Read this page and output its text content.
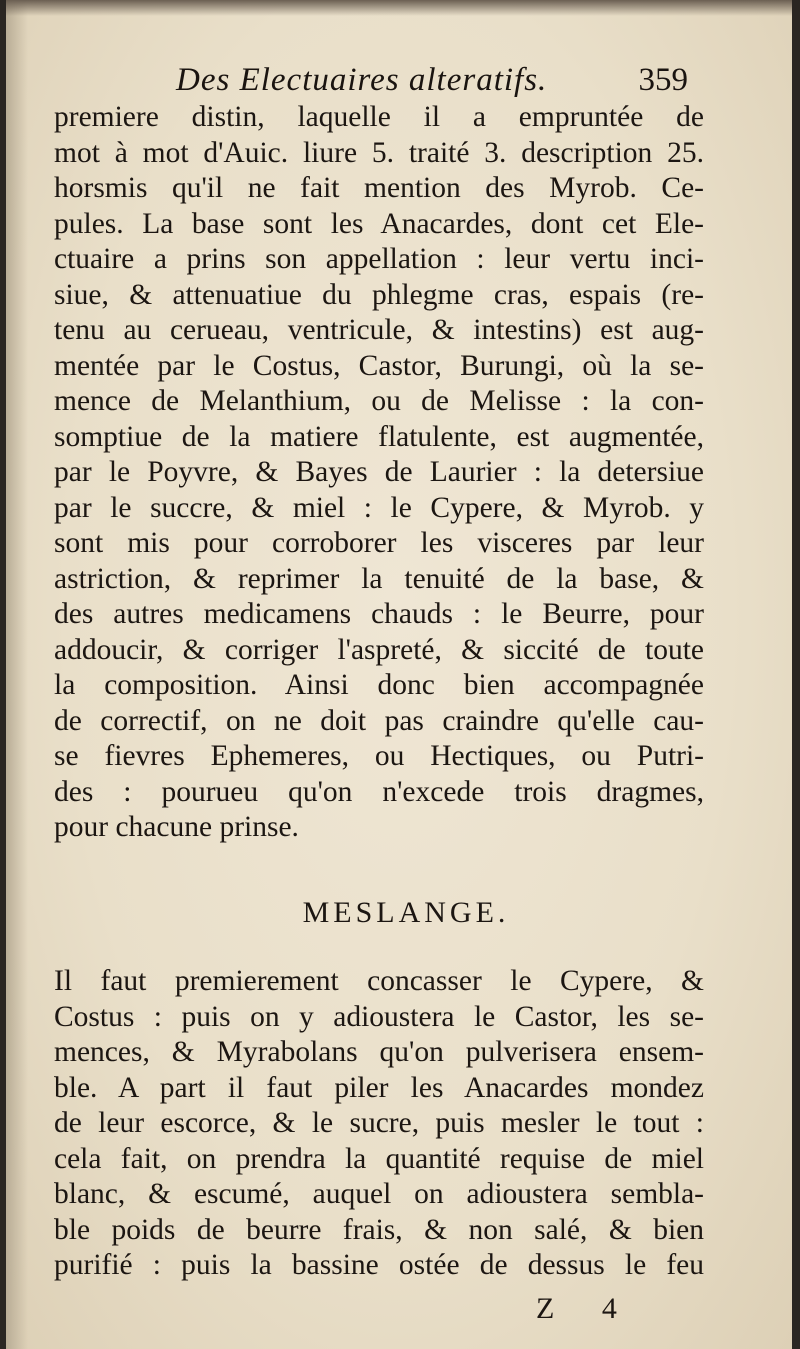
Des Electuaires alteratifs.	359
premiere distin, laquelle il a empruntée de
mot à mot d'Auic. liure 5. traité 3. description 25.
horsmis qu'il ne fait mention des Myrob. Ce-
pules. La base sont les Anacardes, dont cet Ele-
ctuaire a prins son appellation : leur vertu inci-
siue, & attenuatiue du phlegme cras, espais (re-
tenu au cerueau, ventricule, & intestins) est aug-
mentée par le Costus, Castor, Burungi, où la se-
mence de Melanthium, ou de Melisse : la con-
somptiue de la matiere flatulente, est augmentée,
par le Poyvre, & Bayes de Laurier : la detersiue
par le succre, & miel : le Cypere, & Myrob. y
sont mis pour corroborer les visceres par leur
astriction, & reprimer la tenuité de la base, &
des autres medicamens chauds : le Beurre, pour
addoucir, & corriger l'aspreté, & siccité de toute
la composition. Ainsi donc bien accompagnée
de correctif, on ne doit pas craindre qu'elle cau-
se fievres Ephemeres, ou Hectiques, ou Putri-
des : pourueu qu'on n'excede trois dragmes,
pour chacune prinse.
MESLANGE.
Il faut premierement concasser le Cypere, &
Costus : puis on y adioustera le Castor, les se-
mences, & Myrabolans qu'on pulverisera ensem-
ble. A part il faut piler les Anacardes mondez
de leur escorce, & le sucre, puis mesler le tout :
cela fait, on prendra la quantité requise de miel
blanc, & escumé, auquel on adioustera sembla-
ble poids de beurre frais, & non salé, & bien
purifié : puis la bassine ostée de dessus le feu
Z 4
